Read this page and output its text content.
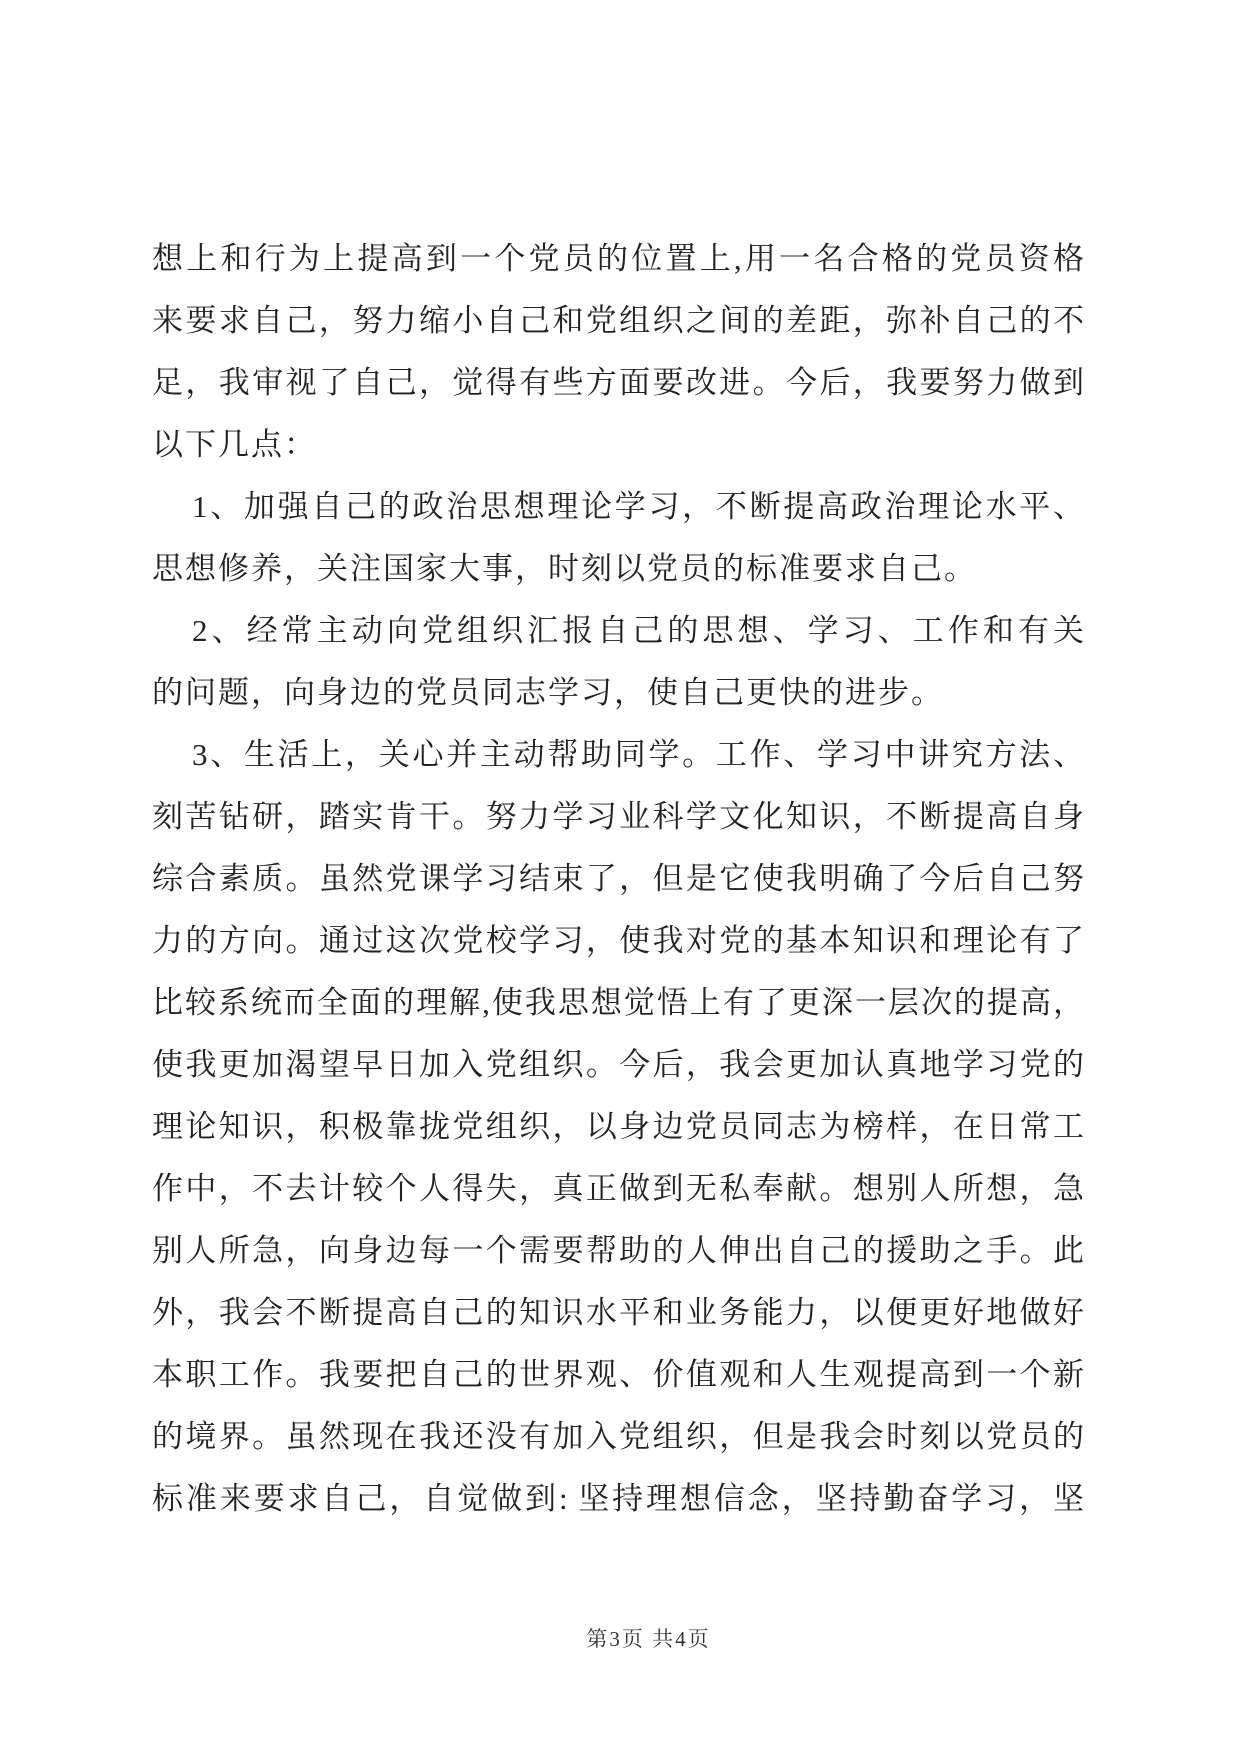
想上和行为上提高到一个党员的位置上,用一名合格的党员资格
来要求自己，努力缩小自己和党组织之间的差距，弥补自己的不
足，我审视了自己，觉得有些方面要改进。今后，我要努力做到
以下几点：
1、加强自己的政治思想理论学习，不断提高政治理论水平、
思想修养，关注国家大事，时刻以党员的标准要求自己。
2、经常主动向党组织汇报自己的思想、学习、工作和有关
的问题，向身边的党员同志学习，使自己更快的进步。
3、生活上，关心并主动帮助同学。工作、学习中讲究方法、
刻苦钻研，踏实肯干。努力学习业科学文化知识，不断提高自身
综合素质。虽然党课学习结束了，但是它使我明确了今后自己努
力的方向。通过这次党校学习，使我对党的基本知识和理论有了
比较系统而全面的理解,使我思想觉悟上有了更深一层次的提高，
使我更加渴望早日加入党组织。今后，我会更加认真地学习党的
理论知识，积极靠拢党组织，以身边党员同志为榜样，在日常工
作中，不去计较个人得失，真正做到无私奉献。想别人所想，急
别人所急，向身边每一个需要帮助的人伸出自己的援助之手。此
外，我会不断提高自己的知识水平和业务能力，以便更好地做好
本职工作。我要把自己的世界观、价值观和人生观提高到一个新
的境界。虽然现在我还没有加入党组织，但是我会时刻以党员的
标准来要求自己，自觉做到: 坚持理想信念，坚持勤奋学习，坚
第3页 共4页
